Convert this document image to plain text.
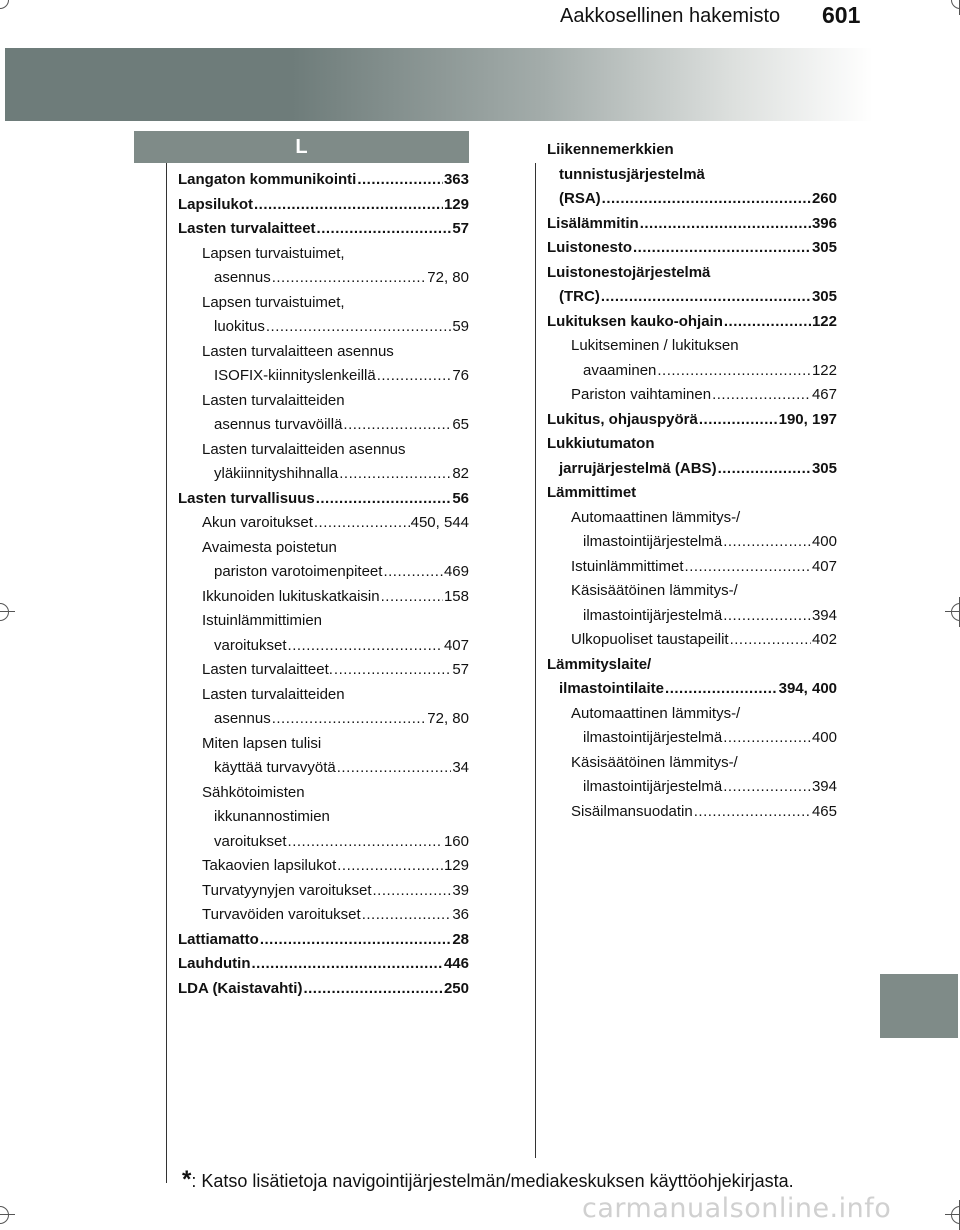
Aakkosellinen hakemisto 601
L
Langaton kommunikointi .....	363
Lapsilukot .....	129
Lasten turvalaitteet .....	57
Lapsen turvaistuimet,
asennus .....	72, 80
Lapsen turvaistuimet,
luokitus .....	59
Lasten turvalaitteen asennus
ISOFIX-kiinnityslenkeillä .....	76
Lasten turvalaitteiden
asennus turvavöillä .....	65
Lasten turvalaitteiden asennus
yläkiinnityshihnalla .....	82
Lasten turvallisuus .....	56
Akun varoitukset .....	450, 544
Avaimesta poistetun
pariston varotoimenpiteet .....	469
Ikkunoiden lukituskatkaisin .....	158
Istuinlämmittimien
varoitukset .....	407
Lasten turvalaitteet. .....	57
Lasten turvalaitteiden
asennus .....	72, 80
Miten lapsen tulisi
käyttää turvavyötä .....	34
Sähkötoimisten
ikkunannostimien
varoitukset .....	160
Takaovien lapsilukot .....	129
Turvatyynyjen varoitukset .....	39
Turvavöiden varoitukset .....	36
Lattiamatto .....	28
Lauhdutin .....	446
LDA (Kaistavahti) .....	250
Liikennemerkkien
tunnistusjärjestelmä
(RSA) .....	260
Lisälämmitin .....	396
Luistonesto .....	305
Luistonestojärjestelmä
(TRC) .....	305
Lukituksen kauko-ohjain .....	122
Lukitseminen / lukituksen
avaaminen .....	122
Pariston vaihtaminen .....	467
Lukitus, ohjauspyörä .....	190, 197
Lukkiutumaton
jarrujärjestelmä (ABS) .....	305
Lämmittimet
Automaattinen lämmitys-/
ilmastointijärjestelmä .....	400
Istuinlämmittimet .....	407
Käsisäätöinen lämmitys-/
ilmastointijärjestelmä .....	394
Ulkopuoliset taustapeilit .....	402
Lämmityslaite/
ilmastointilaite .....	394, 400
Automaattinen lämmitys-/
ilmastointijärjestelmä .....	400
Käsisäätöinen lämmitys-/
ilmastointijärjestelmä .....	394
Sisäilmansuodatin .....	465
*: Katso lisätietoja navigointijärjestelmän/mediakeskuksen käyttöohjekirjasta.
carmanualsonline.info
